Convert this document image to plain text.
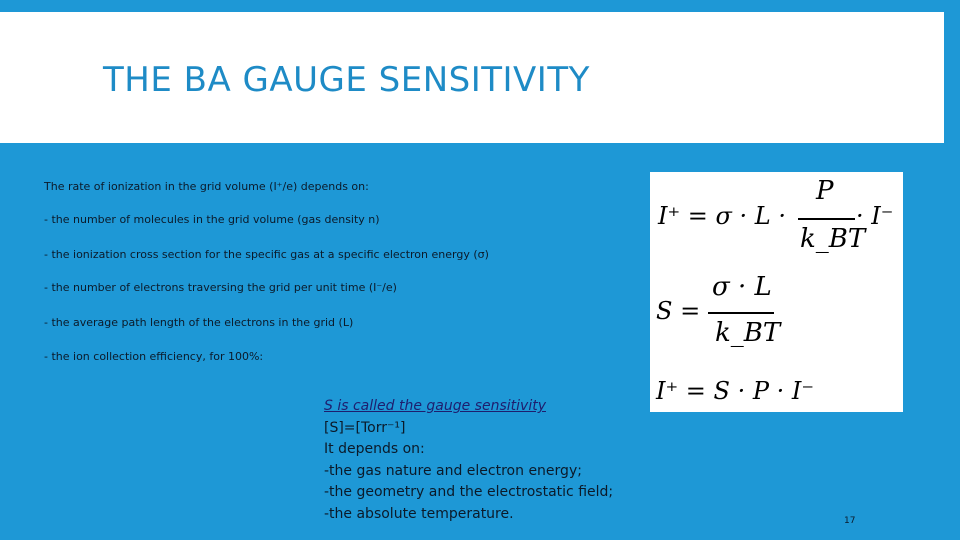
THE BA GAUGE SENSITIVITY
The rate of ionization in the grid volume (I⁺/e) depends on:
- the number of molecules in the grid volume (gas density n)
- the ionization cross section for the specific gas at a specific electron energy (σ)
- the number of electrons traversing the grid per unit time (I⁻/e)
- the average path length of the electrons in the grid (L)
- the ion collection efficiency, for 100%:
I⁺ = σ · L ·
P
k_BT
· I⁻
S =
σ · L
k_BT
I⁺ = S · P · I⁻
S is called the gauge sensitivity
[S]=[Torr⁻¹]
It depends on:
-the gas nature and electron energy;
-the geometry and the electrostatic field;
-the absolute temperature.	17
